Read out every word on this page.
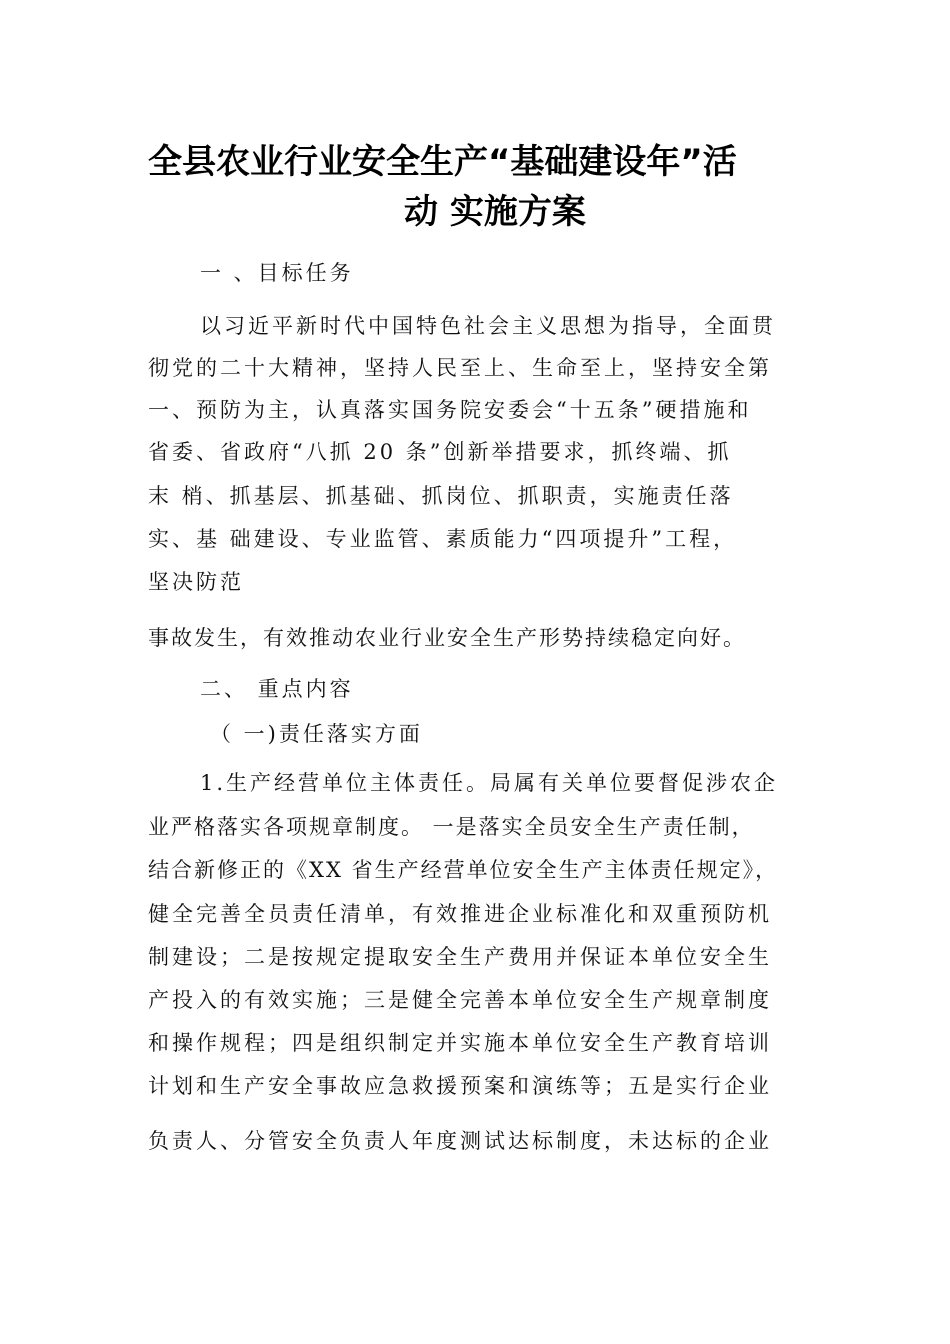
全县农业行业安全生产“基础建设年”活
动 实施方案

一 、目标任务

以习近平新时代中国特色社会主义思想为指导，全面贯

彻党的二十大精神，坚持人民至上、生命至上，坚持安全第

一、预防为主，认真落实国务院安委会“十五条”硬措施和

省委、省政府“八抓 20 条”创新举措要求，抓终端、抓

末 梢、抓基层、抓基础、抓岗位、抓职责，实施责任落

实、基 础建设、专业监管、素质能力“四项提升”工程，

坚决防范

事故发生，有效推动农业行业安全生产形势持续稳定向好。

二、 重点内容

（ 一)责任落实方面

1.生产经营单位主体责任。局属有关单位要督促涉农企

业严格落实各项规章制度。 一是落实全员安全生产责任制，

结合新修正的《XX 省生产经营单位安全生产主体责任规定》，

健全完善全员责任清单，有效推进企业标准化和双重预防机

制建设；二是按规定提取安全生产费用并保证本单位安全生

产投入的有效实施；三是健全完善本单位安全生产规章制度

和操作规程；四是组织制定并实施本单位安全生产教育培训

计划和生产安全事故应急救援预案和演练等；五是实行企业

负责人、分管安全负责人年度测试达标制度，未达标的企业
